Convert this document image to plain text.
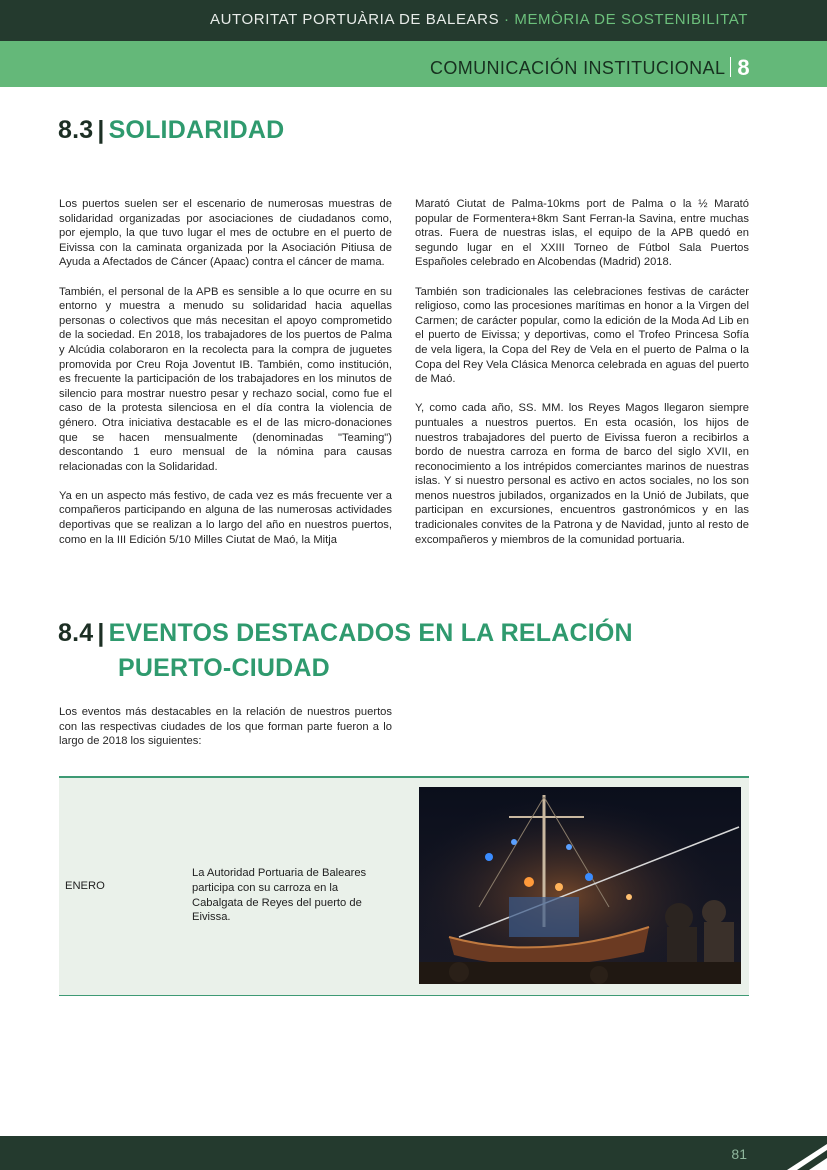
AUTORITAT PORTUÀRIA DE BALEARS · MEMÒRIA DE SOSTENIBILITAT
COMUNICACIÓN INSTITUCIONAL 8
8.3 | SOLIDARIDAD

Los puertos suelen ser el escenario de numerosas muestras de solidaridad organizadas por asociaciones de ciudadanos como, por ejemplo, la que tuvo lugar el mes de octubre en el puerto de Eivissa con la caminata organizada por la Asociación Pitiusa de Ayuda a Afectados de Cáncer (Apaac) contra el cáncer de mama.

También, el personal de la APB es sensible a lo que ocurre en su entorno y muestra a menudo su solidaridad hacia aquellas personas o colectivos que más necesitan el apoyo comprometido de la sociedad. En 2018, los trabajadores de los puertos de Palma y Alcúdia colaboraron en la recolecta para la compra de juguetes promovida por Creu Roja Joventut IB. También, como institución, es frecuente la participación de los trabajadores en los minutos de silencio para mostrar nuestro pesar y rechazo social, como fue el caso de la protesta silenciosa en el día contra la violencia de género. Otra iniciativa destacable es el de las micro-donaciones que se hacen mensualmente (denominadas "Teaming") descontando 1 euro mensual de la nómina para causas relacionadas con la Solidaridad.

Ya en un aspecto más festivo, de cada vez es más frecuente ver a compañeros participando en alguna de las numerosas actividades deportivas que se realizan a lo largo del año en nuestros puertos, como en la III Edición 5/10 Milles Ciutat de Maó, la Mitja

Marató Ciutat de Palma-10kms port de Palma o la ½ Marató popular de Formentera+8km Sant Ferran-la Savina, entre muchas otras. Fuera de nuestras islas, el equipo de la APB quedó en segundo lugar en el XXIII Torneo de Fútbol Sala Puertos Españoles celebrado en Alcobendas (Madrid) 2018.

También son tradicionales las celebraciones festivas de carácter religioso, como las procesiones marítimas en honor a la Virgen del Carmen; de carácter popular, como la edición de la Moda Ad Lib en el puerto de Eivissa; y deportivas, como el Trofeo Princesa Sofía de vela ligera, la Copa del Rey de Vela en el puerto de Palma o la Copa del Rey Vela Clásica Menorca celebrada en aguas del puerto de Maó.

Y, como cada año, SS. MM. los Reyes Magos llegaron siempre puntuales a nuestros puertos. En esta ocasión, los hijos de nuestros trabajadores del puerto de Eivissa fueron a recibirlos a bordo de nuestra carroza en forma de barco del siglo XVII, en reconocimiento a los intrépidos comerciantes marinos de nuestras islas. Y si nuestro personal es activo en actos sociales, no los son menos nuestros jubilados, organizados en la Unió de Jubilats, que participan en excursiones, encuentros gastronómicos y en las tradicionales convites de la Patrona y de Navidad, junto al resto de excompañeros y miembros de la comunidad portuaria.

8.4 | EVENTOS DESTACADOS EN LA RELACIÓN
PUERTO-CIUDAD

Los eventos más destacables en la relación de nuestros puertos con las respectivas ciudades de los que forman parte fueron a lo largo de 2018 los siguientes:

ENERO
La Autoridad Portuaria de Baleares participa con su carroza en la Cabalgata de Reyes del puerto de Eivissa.
81
